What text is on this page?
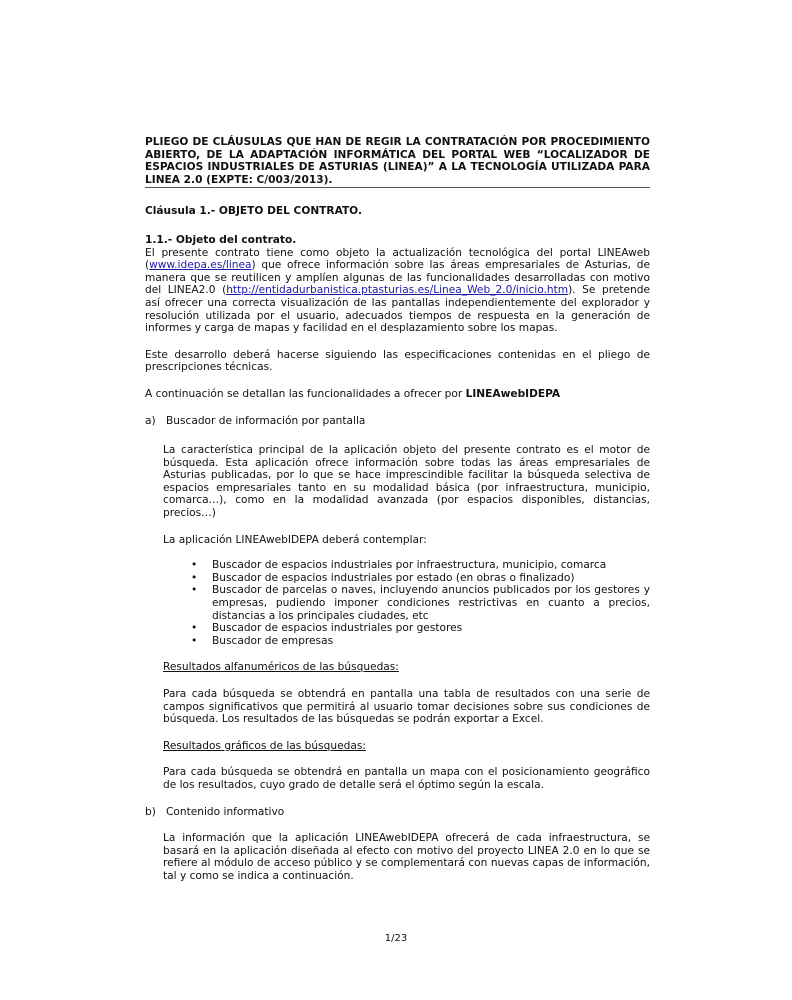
PLIEGO DE CLÁUSULAS QUE HAN DE REGIR LA CONTRATACIÓN POR PROCEDIMIENTO ABIERTO, DE LA ADAPTACIÓN INFORMÁTICA DEL PORTAL WEB “LOCALIZADOR DE ESPACIOS INDUSTRIALES DE ASTURIAS (LINEA)” A LA TECNOLOGÍA UTILIZADA PARA LINEA 2.0 (EXPTE: C/003/2013).

Cláusula 1.- OBJETO DEL CONTRATO.

1.1.- Objeto del contrato.

El presente contrato tiene como objeto la actualización tecnológica del portal LINEAweb (www.idepa.es/linea) que ofrece información sobre las áreas empresariales de Asturias, de manera que se reutilicen y amplíen algunas de las funcionalidades desarrolladas con motivo del LINEA2.0 (http://entidadurbanistica.ptasturias.es/Linea_Web_2.0/inicio.htm). Se pretende así ofrecer una correcta visualización de las pantallas independientemente del explorador y resolución utilizada por el usuario, adecuados tiempos de respuesta en la generación de informes y carga de mapas y facilidad en el desplazamiento sobre los mapas.

Este desarrollo deberá hacerse siguiendo las especificaciones contenidas en el pliego de prescripciones técnicas.

A continuación se detallan las funcionalidades a ofrecer por LINEAwebIDEPA

a) Buscador de información por pantalla

La característica principal de la aplicación objeto del presente contrato es el motor de búsqueda. Esta aplicación ofrece información sobre todas las áreas empresariales de Asturias publicadas, por lo que se hace imprescindible facilitar la búsqueda selectiva de espacios empresariales tanto en su modalidad básica (por infraestructura, municipio, comarca…), como en la modalidad avanzada (por espacios disponibles, distancias, precios…)

La aplicación LINEAwebIDEPA deberá contemplar:

• Buscador de espacios industriales por infraestructura, municipio, comarca
• Buscador de espacios industriales por estado (en obras o finalizado)
• Buscador de parcelas o naves, incluyendo anuncios publicados por los gestores y empresas, pudiendo imponer condiciones restrictivas en cuanto a precios, distancias a los principales ciudades, etc
• Buscador de espacios industriales por gestores
• Buscador de empresas

Resultados alfanuméricos de las búsquedas:

Para cada búsqueda se obtendrá en pantalla una tabla de resultados con una serie de campos significativos que permitirá al usuario tomar decisiones sobre sus condiciones de búsqueda. Los resultados de las búsquedas se podrán exportar a Excel.

Resultados gráficos de las búsquedas:

Para cada búsqueda se obtendrá en pantalla un mapa con el posicionamiento geográfico de los resultados, cuyo grado de detalle será el óptimo según la escala.

b) Contenido informativo

La información que la aplicación LINEAwebIDEPA ofrecerá de cada infraestructura, se basará en la aplicación diseñada al efecto con motivo del proyecto LINEA 2.0 en lo que se refiere al módulo de acceso público y se complementará con nuevas capas de información, tal y como se indica a continuación.

1/23
